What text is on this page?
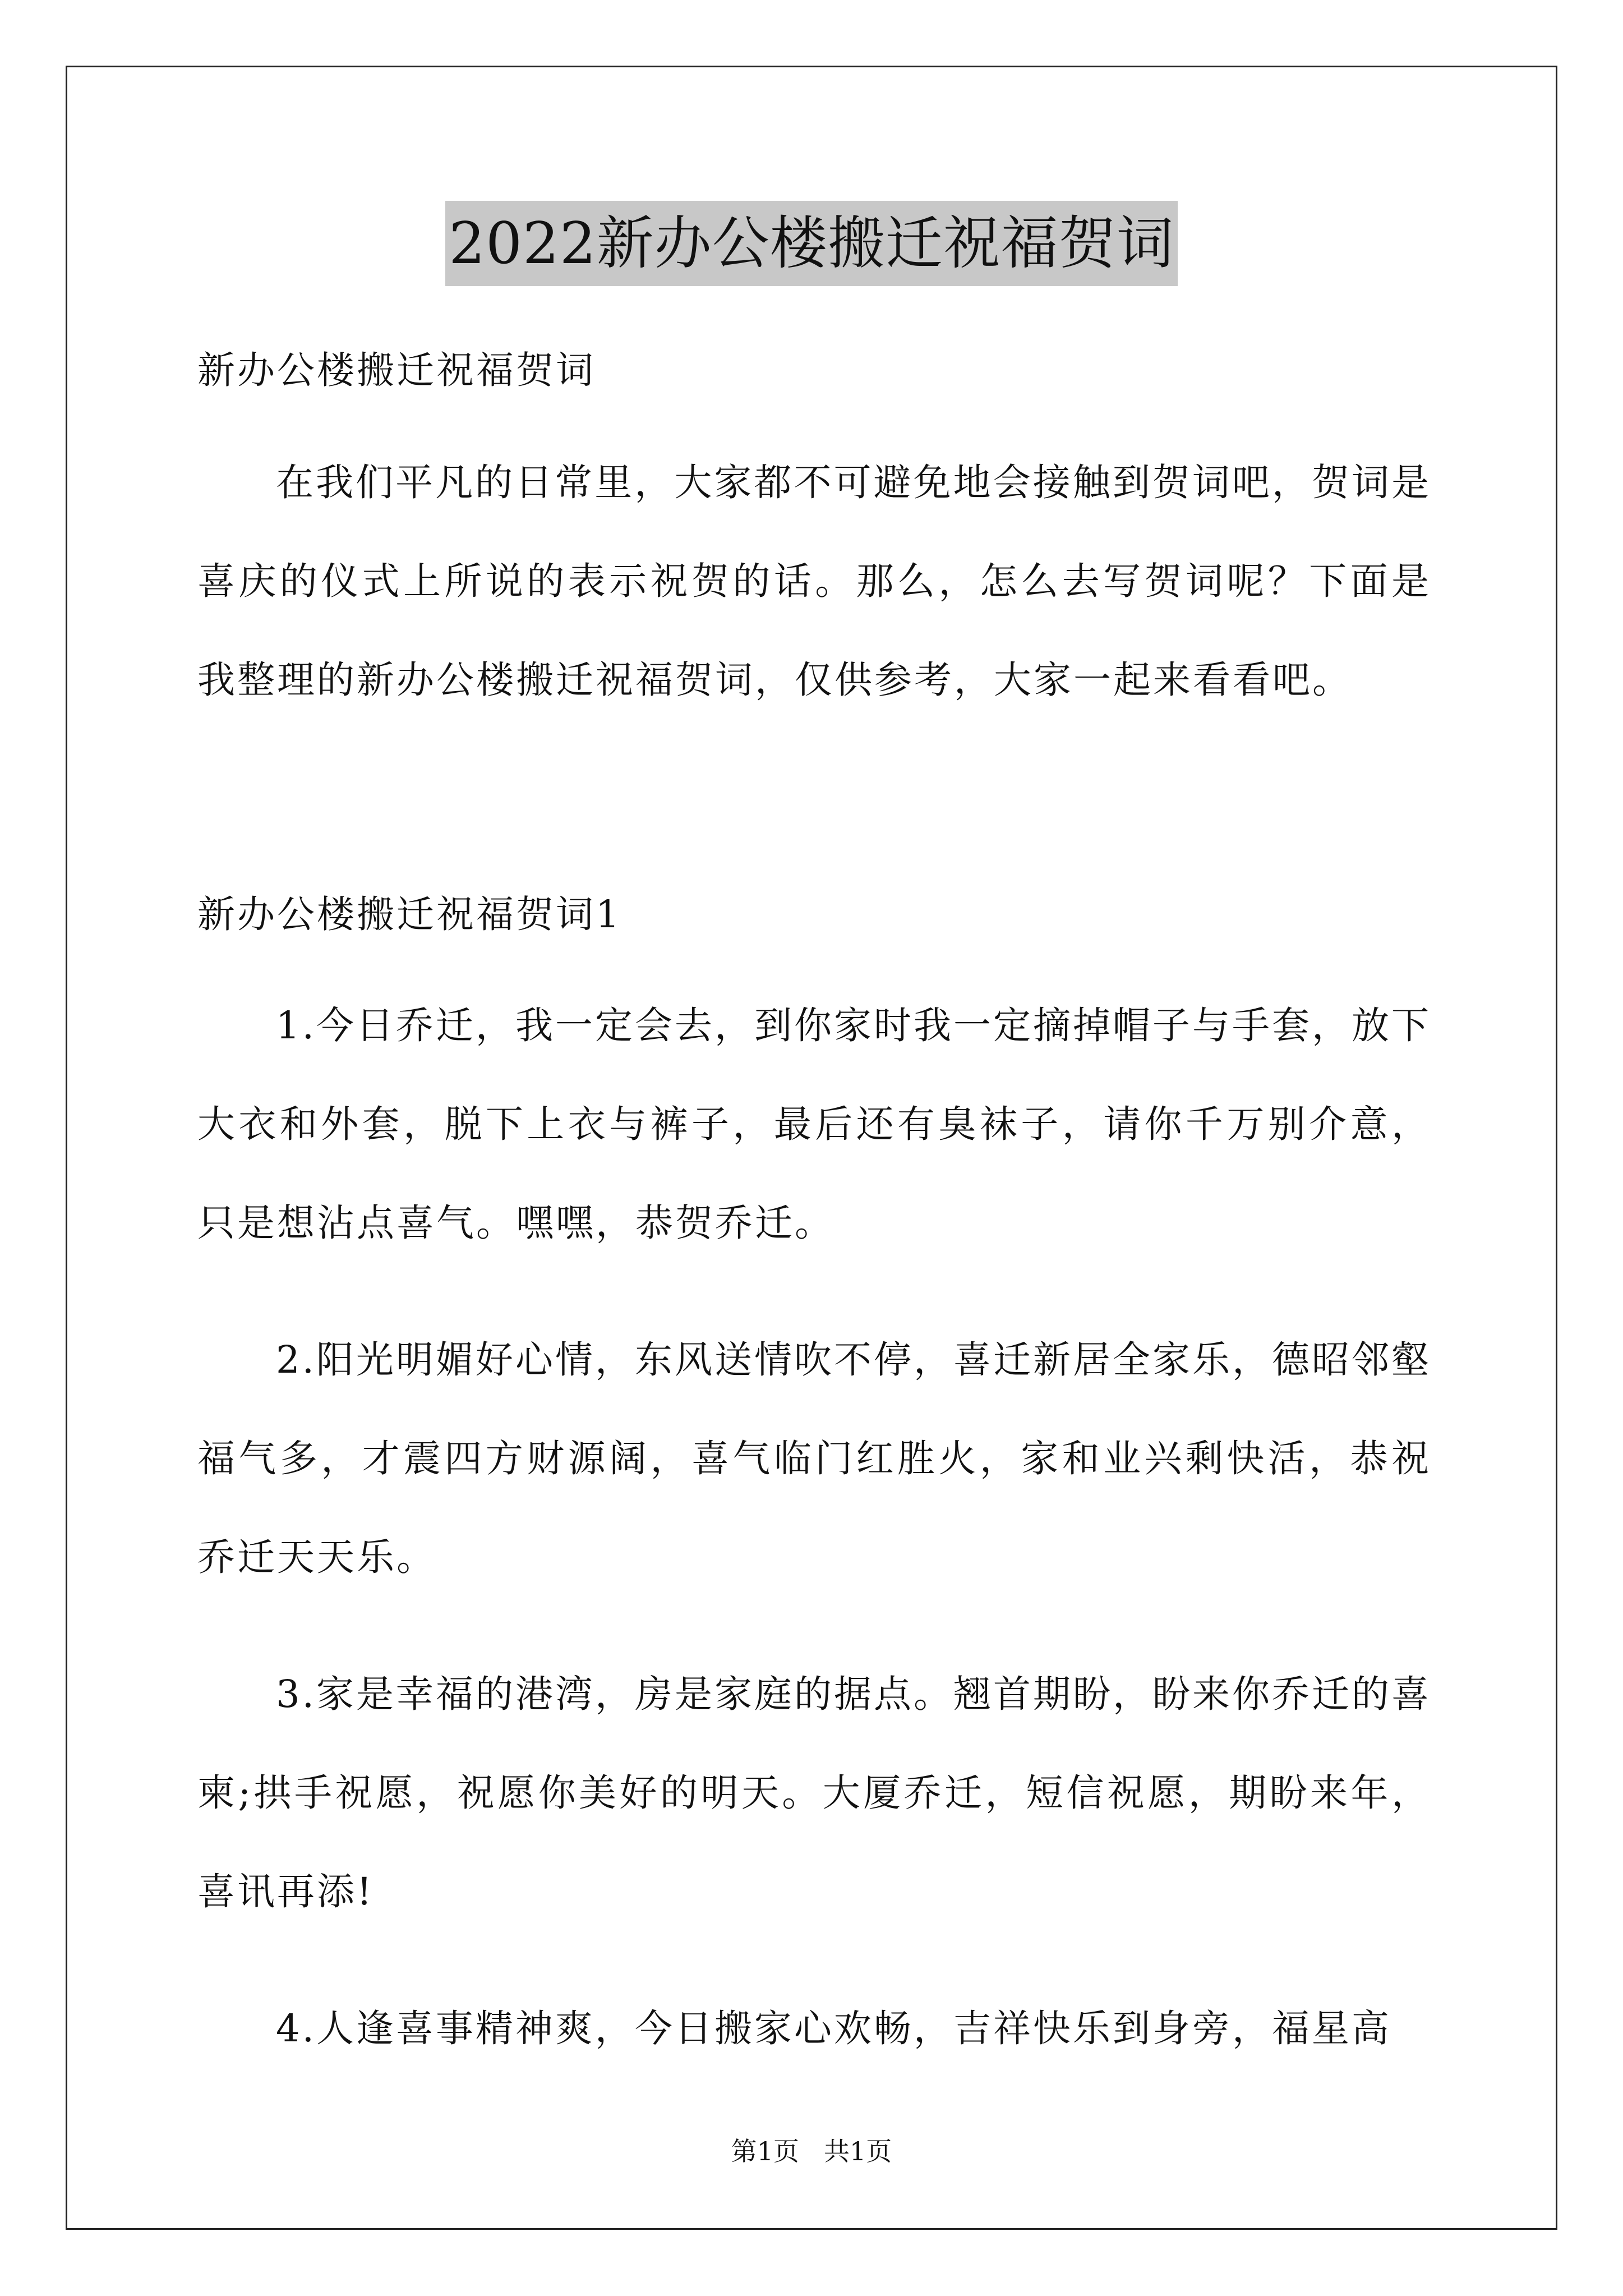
2022新办公楼搬迁祝福贺词

新办公楼搬迁祝福贺词

在我们平凡的日常里，大家都不可避免地会接触到贺词吧，贺词是喜庆的仪式上所说的表示祝贺的话。那么，怎么去写贺词呢？下面是我整理的新办公楼搬迁祝福贺词，仅供参考，大家一起来看看吧。

新办公楼搬迁祝福贺词1

1.今日乔迁，我一定会去，到你家时我一定摘掉帽子与手套，放下大衣和外套，脱下上衣与裤子，最后还有臭袜子，请你千万别介意，只是想沾点喜气。嘿嘿，恭贺乔迁。

2.阳光明媚好心情，东风送情吹不停，喜迁新居全家乐，德昭邻壑福气多，才震四方财源阔，喜气临门红胜火，家和业兴剩快活，恭祝乔迁天天乐。

3.家是幸福的港湾，房是家庭的据点。翘首期盼，盼来你乔迁的喜柬;拱手祝愿，祝愿你美好的明天。大厦乔迁，短信祝愿，期盼来年，喜讯再添!

4.人逢喜事精神爽，今日搬家心欢畅，吉祥快乐到身旁，福星高

第1页 共1页
